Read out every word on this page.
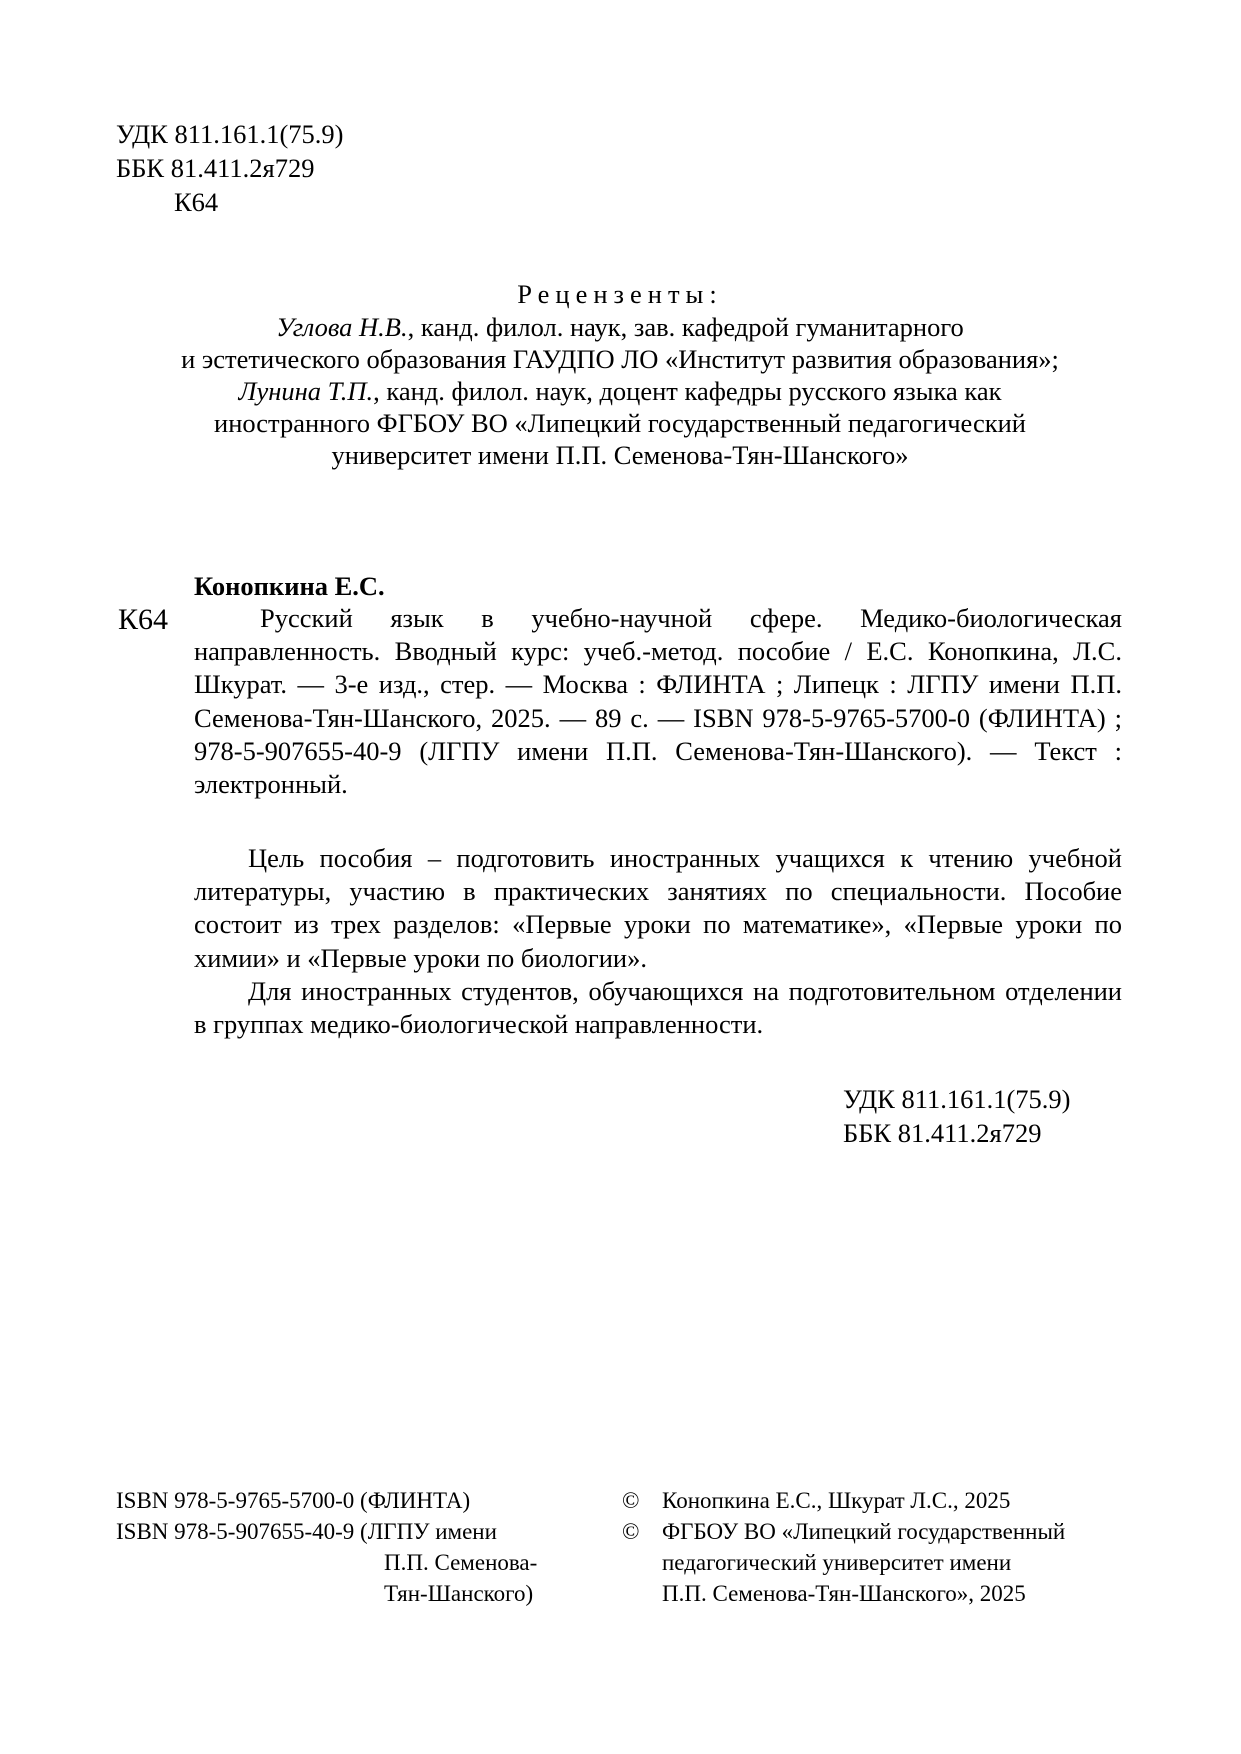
УДК 811.161.1(75.9)
ББК 81.411.2я729
К64
Рецензенты:
Углова Н.В., канд. филол. наук, зав. кафедрой гуманитарного
и эстетического образования ГАУДПО ЛО «Институт развития образования»;
Лунина Т.П., канд. филол. наук, доцент кафедры русского языка как
иностранного ФГБОУ ВО «Липецкий государственный педагогический
университет имени П.П. Семенова-Тян-Шанского»
Конопкина Е.С.
К64	Русский язык в учебно-научной сфере. Медико-биологическая направленность. Вводный курс: учеб.-метод. пособие / Е.С. Конопкина, Л.С. Шкурат. — 3-е изд., стер. — Москва : ФЛИНТА ; Липецк : ЛГПУ имени П.П. Семенова-Тян-Шанского, 2025. — 89 с. — ISBN 978-5-9765-5700-0 (ФЛИНТА) ; 978-5-907655-40-9 (ЛГПУ имени П.П. Семенова-Тян-Шанского). — Текст : электронный.

Цель пособия – подготовить иностранных учащихся к чтению учебной литературы, участию в практических занятиях по специальности. Пособие состоит из трех разделов: «Первые уроки по математике», «Первые уроки по химии» и «Первые уроки по биологии».

Для иностранных студентов, обучающихся на подготовительном отделении в группах медико-биологической направленности.

УДК 811.161.1(75.9)
ББК 81.411.2я729
ISBN 978-5-9765-5700-0 (ФЛИНТА)
ISBN 978-5-907655-40-9 (ЛГПУ имени
П.П. Семенова-
Тян-Шанского)
© Конопкина Е.С., Шкурат Л.С., 2025
© ФГБОУ ВО «Липецкий государственный
педагогический университет имени
П.П. Семенова-Тян-Шанского», 2025
